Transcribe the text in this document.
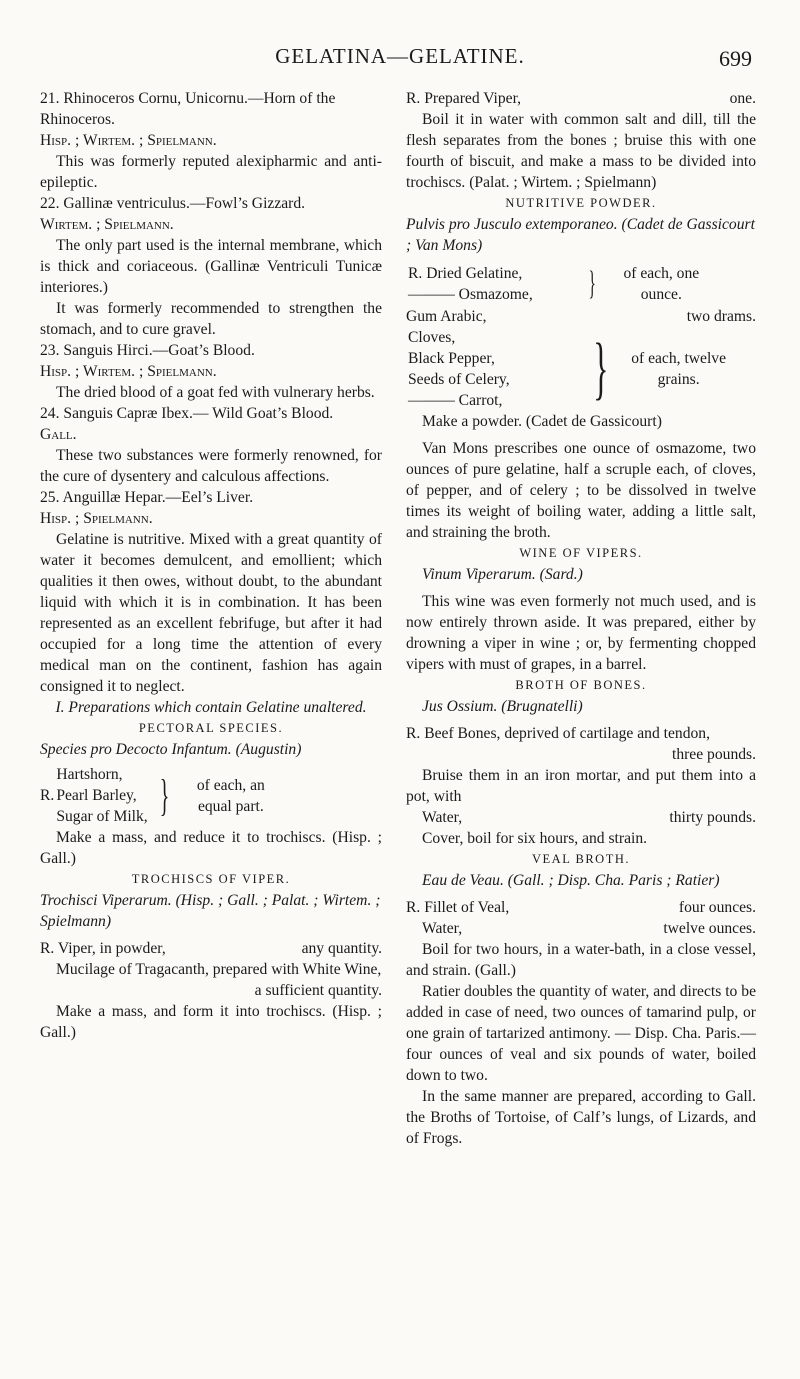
GELATINA—GELATINE.	699

21. Rhinoceros Cornu, Unicornu.—Horn of the Rhinoceros.

Hisp. ; Wirtem. ; Spielmann.

This was formerly reputed alexipharmic and anti-epileptic.

22. Gallinæ ventriculus.—Fowl’s Gizzard.

Wirtem. ; Spielmann.

The only part used is the internal membrane, which is thick and coriaceous. (Gallinæ Ventriculi Tunicæ interiores.)

It was formerly recommended to strengthen the stomach, and to cure gravel.

23. Sanguis Hirci.—Goat’s Blood.

Hisp. ; Wirtem. ; Spielmann.

The dried blood of a goat fed with vulnerary herbs.

24. Sanguis Capræ Ibex.— Wild Goat’s Blood.

Gall.

These two substances were formerly renowned, for the cure of dysentery and calculous affections.

25. Anguillæ Hepar.—Eel’s Liver.

Hisp. ; Spielmann.

Gelatine is nutritive. Mixed with a great quantity of water it becomes demulcent, and emollient; which qualities it then owes, without doubt, to the abundant liquid with which it is in combination. It has been represented as an excellent febrifuge, but after it had occupied for a long time the attention of every medical man on the continent, fashion has again consigned it to neglect.

I. Preparations which contain Gelatine unaltered.

PECTORAL SPECIES.

Species pro Decocto Infantum. (Augustin)

R.
Hartshorn,
Pearl Barley,
Sugar of Milk, }	of each, an equal part.

Make a mass, and reduce it to trochiscs. (Hisp. ; Gall.)

TROCHISCS OF VIPER.

Trochisci Viperarum. (Hisp. ; Gall. ; Palat. ; Wirtem. ; Spielmann)

R. Viper, in powder,	any quantity.

Mucilage of Tragacanth, prepared with White Wine,

a sufficient quantity.

Make a mass, and form it into trochiscs. (Hisp. ; Gall.)

R. Prepared Viper,	one.

Boil it in water with common salt and dill, till the flesh separates from the bones ; bruise this with one fourth of biscuit, and make a mass to be divided into trochiscs. (Palat. ; Wirtem. ; Spielmann)

NUTRITIVE POWDER.

Pulvis pro Jusculo extemporaneo. (Cadet de Gassicourt ; Van Mons)

R. Dried Gelatine,
——— Osmazome,	}	of each, one ounce.
Gum Arabic,	two drams.
Cloves,
Black Pepper,
Seeds of Celery,
——— Carrot,	}	of each, twelve grains.

Make a powder. (Cadet de Gassicourt)

Van Mons prescribes one ounce of osmazome, two ounces of pure gelatine, half a scruple each, of cloves, of pepper, and of celery ; to be dissolved in twelve times its weight of boiling water, adding a little salt, and straining the broth.

WINE OF VIPERS.

Vinum Viperarum. (Sard.)

This wine was even formerly not much used, and is now entirely thrown aside. It was prepared, either by drowning a viper in wine ; or, by fermenting chopped vipers with must of grapes, in a barrel.

BROTH OF BONES.

Jus Ossium. (Brugnatelli)

R. Beef Bones, deprived of cartilage and tendon,

three pounds.

Bruise them in an iron mortar, and put them into a pot, with

Water,	thirty pounds.

Cover, boil for six hours, and strain.

VEAL BROTH.

Eau de Veau. (Gall. ; Disp. Cha. Paris ; Ratier)

R. Fillet of Veal,	four ounces.
Water,	twelve ounces.

Boil for two hours, in a water-bath, in a close vessel, and strain. (Gall.)

Ratier doubles the quantity of water, and directs to be added in case of need, two ounces of tamarind pulp, or one grain of tartarized antimony. — Disp. Cha. Paris.—four ounces of veal and six pounds of water, boiled down to two.

In the same manner are prepared, according to Gall. the Broths of Tortoise, of Calf’s lungs, of Lizards, and of Frogs.
